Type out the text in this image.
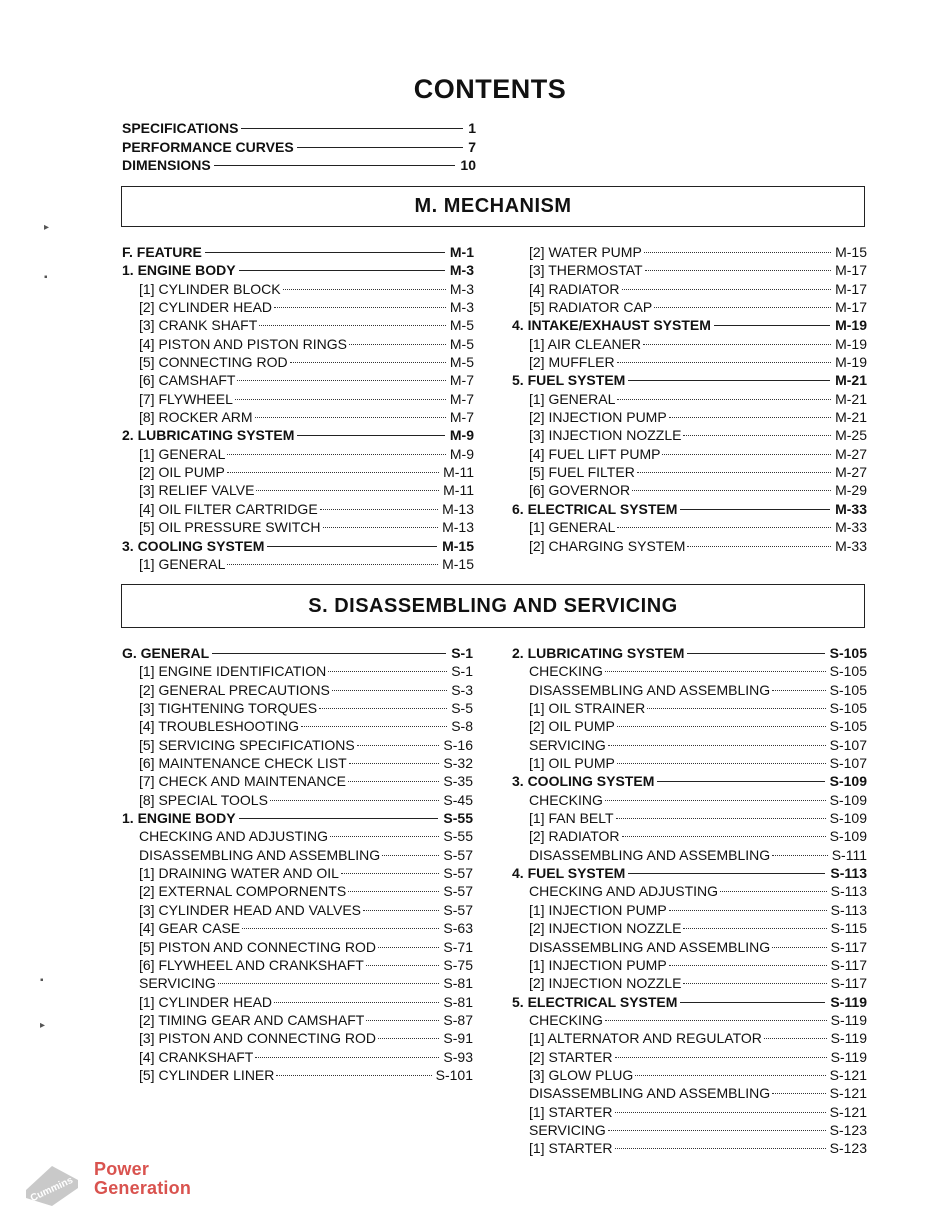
CONTENTS
SPECIFICATIONS	1
PERFORMANCE CURVES	7
DIMENSIONS	10
M. MECHANISM
F. FEATURE	M-1
1. ENGINE BODY	M-3
[1] CYLINDER BLOCK	M-3
[2] CYLINDER HEAD	M-3
[3] CRANK SHAFT	M-5
[4] PISTON AND PISTON RINGS	M-5
[5] CONNECTING ROD	M-5
[6] CAMSHAFT	M-7
[7] FLYWHEEL	M-7
[8] ROCKER ARM	M-7
2. LUBRICATING SYSTEM	M-9
[1] GENERAL	M-9
[2] OIL PUMP	M-11
[3] RELIEF VALVE	M-11
[4] OIL FILTER CARTRIDGE	M-13
[5] OIL PRESSURE SWITCH	M-13
3. COOLING SYSTEM	M-15
[1] GENERAL	M-15
[2] WATER PUMP	M-15
[3] THERMOSTAT	M-17
[4] RADIATOR	M-17
[5] RADIATOR CAP	M-17
4. INTAKE/EXHAUST SYSTEM	M-19
[1] AIR CLEANER	M-19
[2] MUFFLER	M-19
5. FUEL SYSTEM	M-21
[1] GENERAL	M-21
[2] INJECTION PUMP	M-21
[3] INJECTION NOZZLE	M-25
[4] FUEL LIFT PUMP	M-27
[5] FUEL FILTER	M-27
[6] GOVERNOR	M-29
6. ELECTRICAL SYSTEM	M-33
[1] GENERAL	M-33
[2] CHARGING SYSTEM	M-33
S. DISASSEMBLING AND SERVICING
G. GENERAL	S-1
[1] ENGINE IDENTIFICATION	S-1
[2] GENERAL PRECAUTIONS	S-3
[3] TIGHTENING TORQUES	S-5
[4] TROUBLESHOOTING	S-8
[5] SERVICING SPECIFICATIONS	S-16
[6] MAINTENANCE CHECK LIST	S-32
[7] CHECK AND MAINTENANCE	S-35
[8] SPECIAL TOOLS	S-45
1. ENGINE BODY	S-55
CHECKING AND ADJUSTING	S-55
DISASSEMBLING AND ASSEMBLING	S-57
[1] DRAINING WATER AND OIL	S-57
[2] EXTERNAL COMPORNENTS	S-57
[3] CYLINDER HEAD AND VALVES	S-57
[4] GEAR CASE	S-63
[5] PISTON AND CONNECTING ROD	S-71
[6] FLYWHEEL AND CRANKSHAFT	S-75
SERVICING	S-81
[1] CYLINDER HEAD	S-81
[2] TIMING GEAR AND CAMSHAFT	S-87
[3] PISTON AND CONNECTING ROD	S-91
[4] CRANKSHAFT	S-93
[5] CYLINDER LINER	S-101
2. LUBRICATING SYSTEM	S-105
CHECKING	S-105
DISASSEMBLING AND ASSEMBLING	S-105
[1] OIL STRAINER	S-105
[2] OIL PUMP	S-105
SERVICING	S-107
[1] OIL PUMP	S-107
3. COOLING SYSTEM	S-109
CHECKING	S-109
[1] FAN BELT	S-109
[2] RADIATOR	S-109
DISASSEMBLING AND ASSEMBLING	S-111
4. FUEL SYSTEM	S-113
CHECKING AND ADJUSTING	S-113
[1] INJECTION PUMP	S-113
[2] INJECTION NOZZLE	S-115
DISASSEMBLING AND ASSEMBLING	S-117
[1] INJECTION PUMP	S-117
[2] INJECTION NOZZLE	S-117
5. ELECTRICAL SYSTEM	S-119
CHECKING	S-119
[1] ALTERNATOR AND REGULATOR	S-119
[2] STARTER	S-119
[3] GLOW PLUG	S-121
DISASSEMBLING AND ASSEMBLING	S-121
[1] STARTER	S-121
SERVICING	S-123
[1] STARTER	S-123
Cummins
Power
Generation
▸
▪
▪
▸
